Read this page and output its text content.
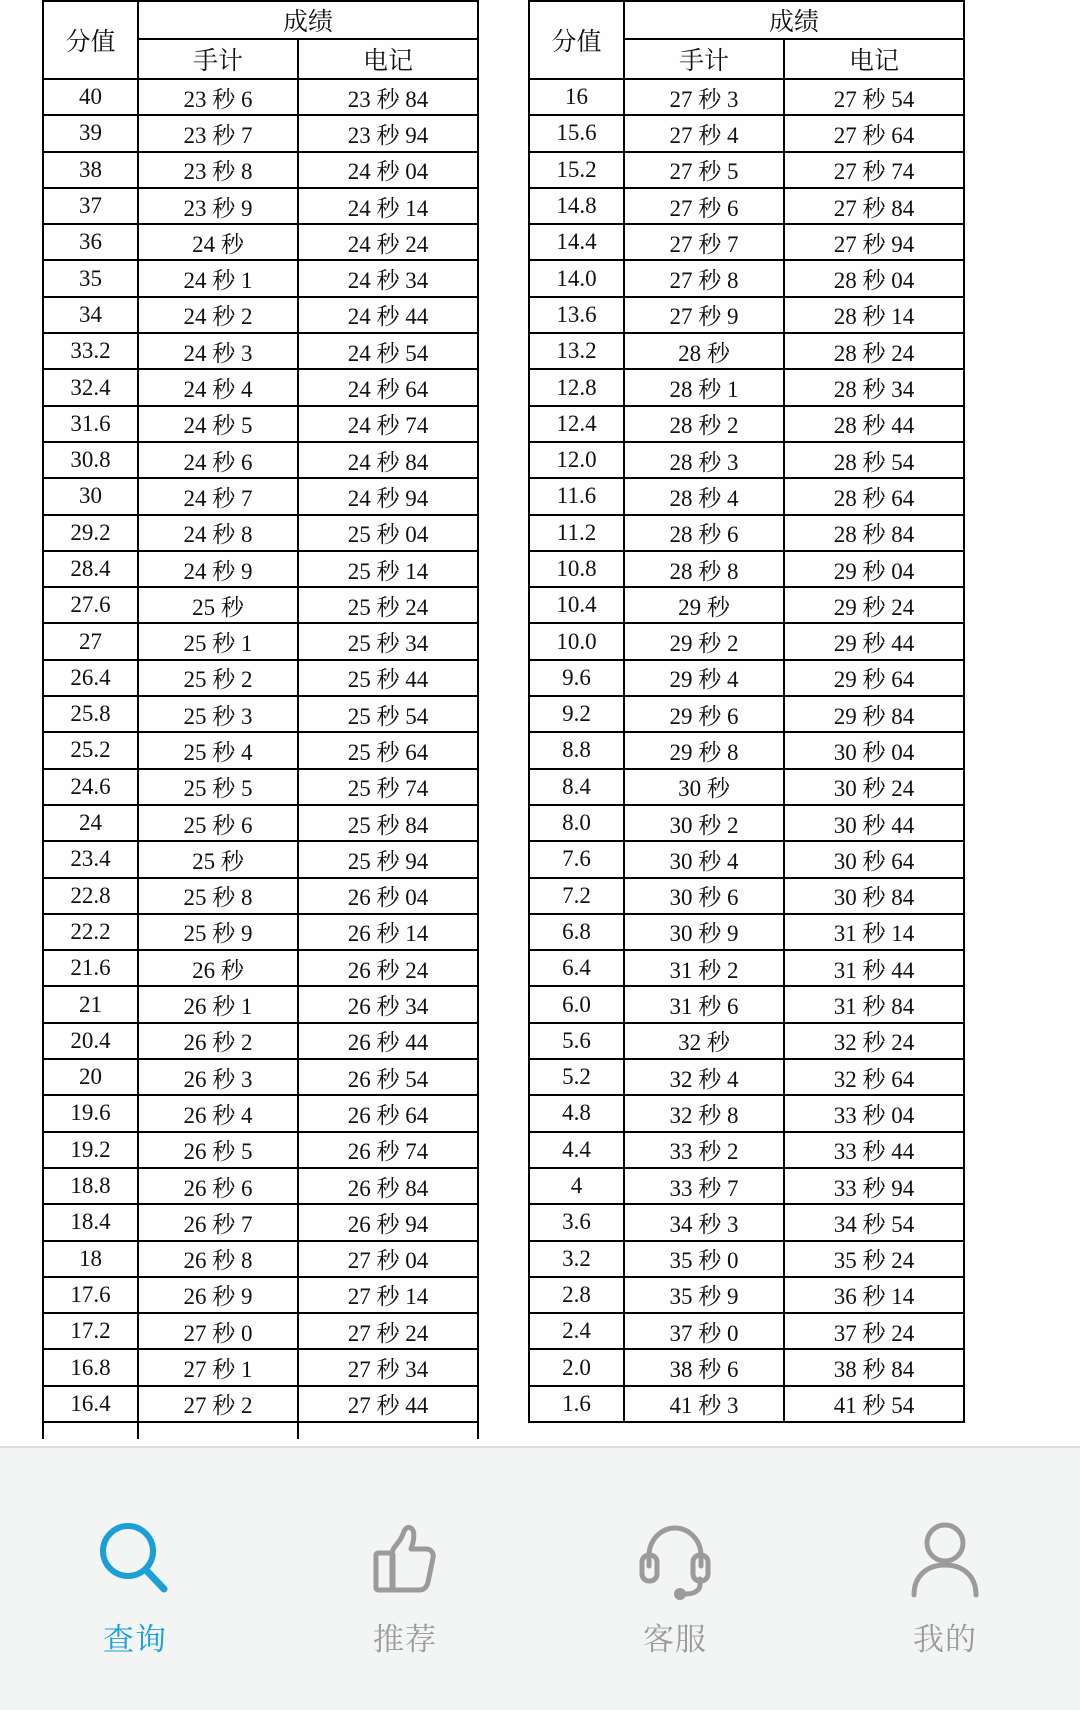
分值	成绩	
	手计	电记
40	23 秒 6	23 秒 84
39	23 秒 7	23 秒 94
38	23 秒 8	24 秒 04
37	23 秒 9	24 秒 14
36	24 秒	24 秒 24
35	24 秒 1	24 秒 34
34	24 秒 2	24 秒 44
33.2	24 秒 3	24 秒 54
32.4	24 秒 4	24 秒 64
31.6	24 秒 5	24 秒 74
30.8	24 秒 6	24 秒 84
30	24 秒 7	24 秒 94
29.2	24 秒 8	25 秒 04
28.4	24 秒 9	25 秒 14
27.6	25 秒	25 秒 24
27	25 秒 1	25 秒 34
26.4	25 秒 2	25 秒 44
25.8	25 秒 3	25 秒 54
25.2	25 秒 4	25 秒 64
24.6	25 秒 5	25 秒 74
24	25 秒 6	25 秒 84
23.4	25 秒	25 秒 94
22.8	25 秒 8	26 秒 04
22.2	25 秒 9	26 秒 14
21.6	26 秒	26 秒 24
21	26 秒 1	26 秒 34
20.4	26 秒 2	26 秒 44
20	26 秒 3	26 秒 54
19.6	26 秒 4	26 秒 64
19.2	26 秒 5	26 秒 74
18.8	26 秒 6	26 秒 84
18.4	26 秒 7	26 秒 94
18	26 秒 8	27 秒 04
17.6	26 秒 9	27 秒 14
17.2	27 秒 0	27 秒 24
16.8	27 秒 1	27 秒 34
16.4	27 秒 2	27 秒 44

分值	成绩	
	手计	电记
16	27 秒 3	27 秒 54
15.6	27 秒 4	27 秒 64
15.2	27 秒 5	27 秒 74
14.8	27 秒 6	27 秒 84
14.4	27 秒 7	27 秒 94
14.0	27 秒 8	28 秒 04
13.6	27 秒 9	28 秒 14
13.2	28 秒	28 秒 24
12.8	28 秒 1	28 秒 34
12.4	28 秒 2	28 秒 44
12.0	28 秒 3	28 秒 54
11.6	28 秒 4	28 秒 64
11.2	28 秒 6	28 秒 84
10.8	28 秒 8	29 秒 04
10.4	29 秒	29 秒 24
10.0	29 秒 2	29 秒 44
9.6	29 秒 4	29 秒 64
9.2	29 秒 6	29 秒 84
8.8	29 秒 8	30 秒 04
8.4	30 秒	30 秒 24
8.0	30 秒 2	30 秒 44
7.6	30 秒 4	30 秒 64
7.2	30 秒 6	30 秒 84
6.8	30 秒 9	31 秒 14
6.4	31 秒 2	31 秒 44
6.0	31 秒 6	31 秒 84
5.6	32 秒	32 秒 24
5.2	32 秒 4	32 秒 64
4.8	32 秒 8	33 秒 04
4.4	33 秒 2	33 秒 44
4	33 秒 7	33 秒 94
3.6	34 秒 3	34 秒 54
3.2	35 秒 0	35 秒 24
2.8	35 秒 9	36 秒 14
2.4	37 秒 0	37 秒 24
2.0	38 秒 6	38 秒 84
1.6	41 秒 3	41 秒 54
查询	推荐	客服	我的
